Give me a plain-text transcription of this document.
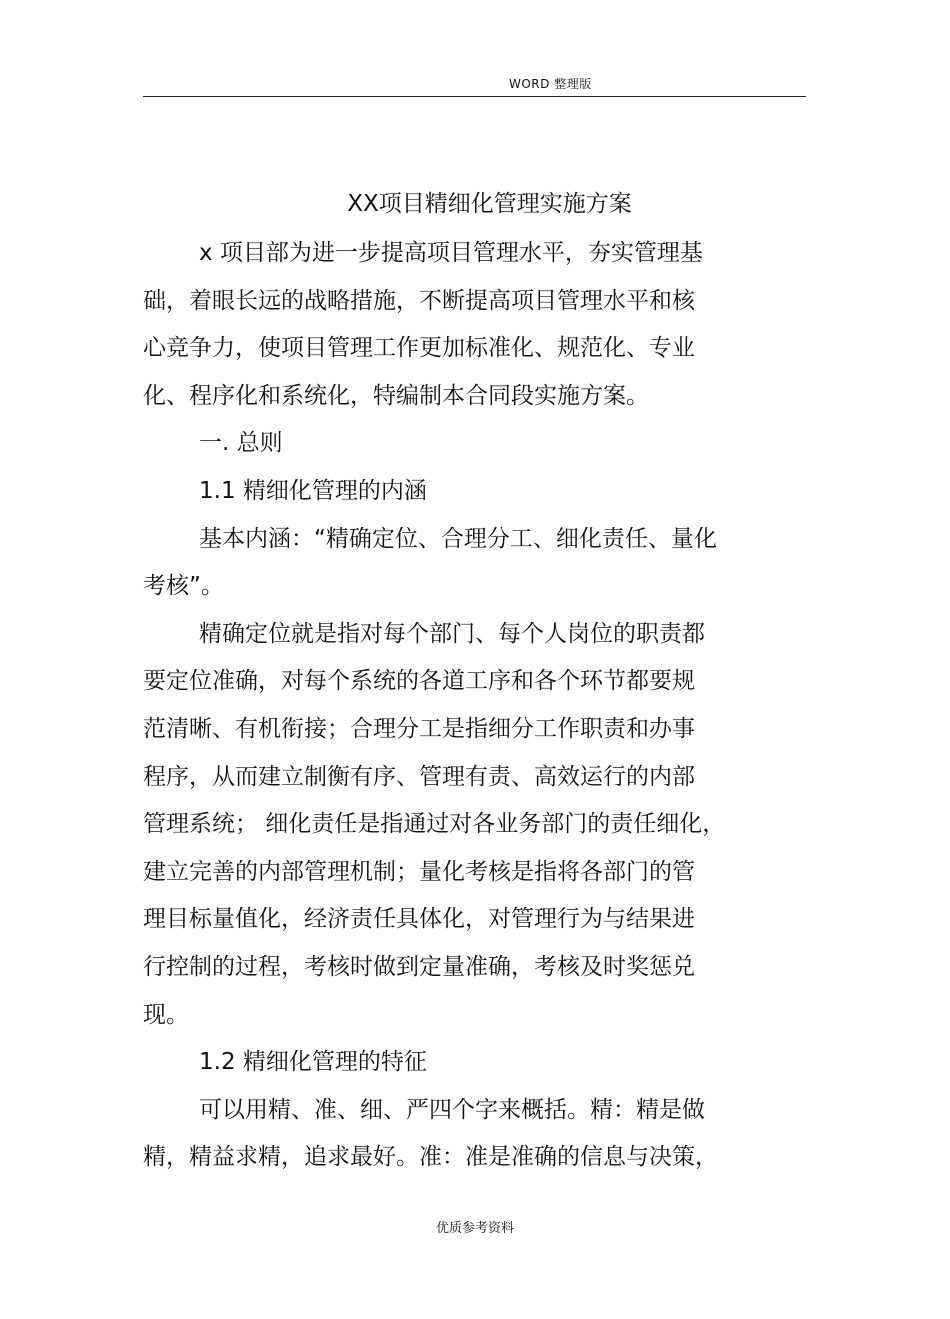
WORD 整理版
XX项目精细化管理实施方案
x 项目部为进一步提高项目管理水平，夯实管理基
础，着眼长远的战略措施，不断提高项目管理水平和核
心竞争力，使项目管理工作更加标准化、规范化、专业
化、程序化和系统化，特编制本合同段实施方案。
一. 总则
1.1 精细化管理的内涵
基本内涵：“精确定位、合理分工、细化责任、量化
考核”。
精确定位就是指对每个部门、每个人岗位的职责都
要定位准确，对每个系统的各道工序和各个环节都要规
范清晰、有机衔接；合理分工是指细分工作职责和办事
程序，从而建立制衡有序、管理有责、高效运行的内部
管理系统； 细化责任是指通过对各业务部门的责任细化，
建立完善的内部管理机制；量化考核是指将各部门的管
理目标量值化，经济责任具体化，对管理行为与结果进
行控制的过程，考核时做到定量准确，考核及时奖惩兑
现。
1.2 精细化管理的特征
可以用精、准、细、严四个字来概括。精：精是做
精，精益求精，追求最好。准：准是准确的信息与决策，
优质参考资料
